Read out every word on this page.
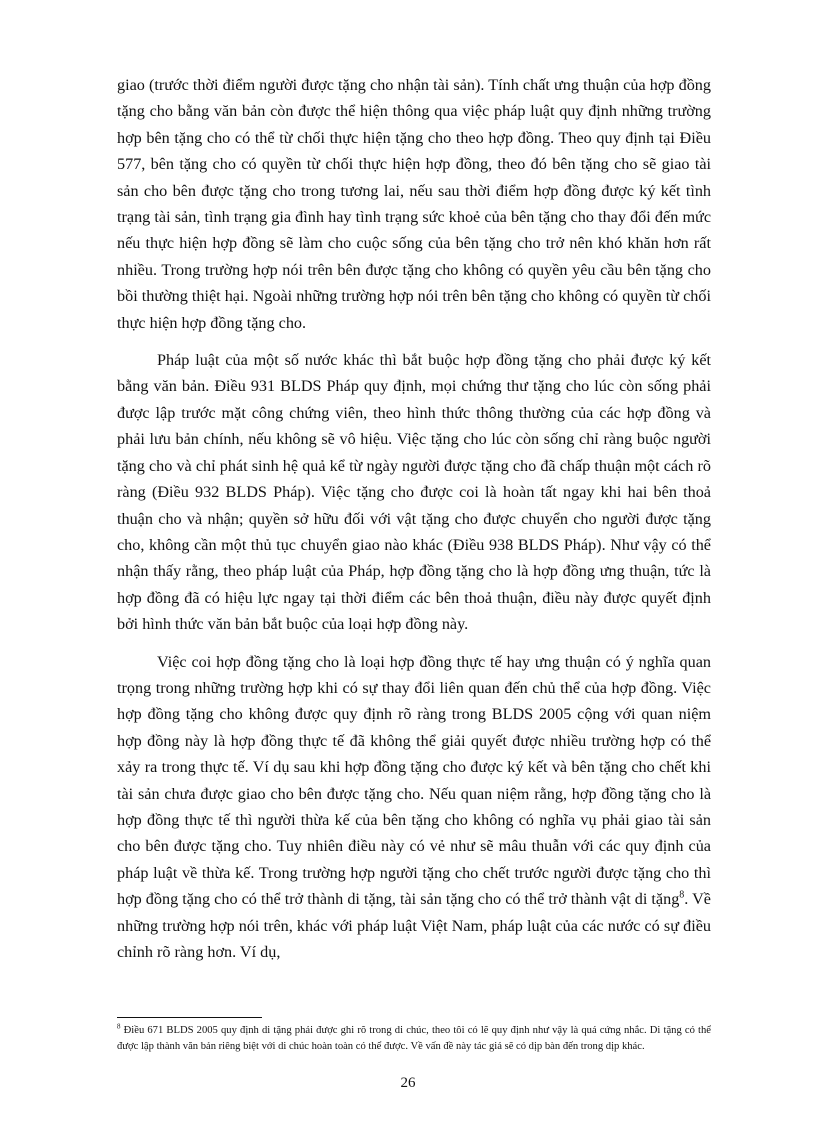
giao (trước thời điểm người được tặng cho nhận tài sản). Tính chất ưng thuận của hợp đồng tặng cho bằng văn bản còn được thể hiện thông qua việc pháp luật quy định những trường hợp bên tặng cho có thể từ chối thực hiện tặng cho theo hợp đồng. Theo quy định tại Điều 577, bên tặng cho có quyền từ chối thực hiện hợp đồng, theo đó bên tặng cho sẽ giao tài sản cho bên được tặng cho trong tương lai, nếu sau thời điểm hợp đồng được ký kết tình trạng tài sản, tình trạng gia đình hay tình trạng sức khoẻ của bên tặng cho thay đổi đến mức nếu thực hiện hợp đồng sẽ làm cho cuộc sống của bên tặng cho trở nên khó khăn hơn rất nhiều. Trong trường hợp nói trên bên được tặng cho không có quyền yêu cầu bên tặng cho bồi thường thiệt hại. Ngoài những trường hợp nói trên bên tặng cho không có quyền từ chối thực hiện hợp đồng tặng cho.

Pháp luật của một số nước khác thì bắt buộc hợp đồng tặng cho phải được ký kết bằng văn bản. Điều 931 BLDS Pháp quy định, mọi chứng thư tặng cho lúc còn sống phải được lập trước mặt công chứng viên, theo hình thức thông thường của các hợp đồng và phải lưu bản chính, nếu không sẽ vô hiệu. Việc tặng cho lúc còn sống chỉ ràng buộc người tặng cho và chỉ phát sinh hệ quả kể từ ngày người được tặng cho đã chấp thuận một cách rõ ràng (Điều 932 BLDS Pháp). Việc tặng cho được coi là hoàn tất ngay khi hai bên thoả thuận cho và nhận; quyền sở hữu đối với vật tặng cho được chuyển cho người được tặng cho, không cần một thủ tục chuyển giao nào khác (Điều 938 BLDS Pháp). Như vậy có thể nhận thấy rằng, theo pháp luật của Pháp, hợp đồng tặng cho là hợp đồng ưng thuận, tức là hợp đồng đã có hiệu lực ngay tại thời điểm các bên thoả thuận, điều này được quyết định bởi hình thức văn bản bắt buộc của loại hợp đồng này.

Việc coi hợp đồng tặng cho là loại hợp đồng thực tế hay ưng thuận có ý nghĩa quan trọng trong những trường hợp khi có sự thay đổi liên quan đến chủ thể của hợp đồng. Việc hợp đồng tặng cho không được quy định rõ ràng trong BLDS 2005 cộng với quan niệm hợp đồng này là hợp đồng thực tế đã không thể giải quyết được nhiều trường hợp có thể xảy ra trong thực tế. Ví dụ sau khi hợp đồng tặng cho được ký kết và bên tặng cho chết khi tài sản chưa được giao cho bên được tặng cho. Nếu quan niệm rằng, hợp đồng tặng cho là hợp đồng thực tế thì người thừa kế của bên tặng cho không có nghĩa vụ phải giao tài sản cho bên được tặng cho. Tuy nhiên điều này có vẻ như sẽ mâu thuẫn với các quy định của pháp luật về thừa kế. Trong trường hợp người tặng cho chết trước người được tặng cho thì hợp đồng tặng cho có thể trở thành di tặng, tài sản tặng cho có thể trở thành vật di tặng$^8$. Về những trường hợp nói trên, khác với pháp luật Việt Nam, pháp luật của các nước có sự điều chỉnh rõ ràng hơn. Ví dụ,

$^8$ Điều 671 BLDS 2005 quy định di tặng phải được ghi rõ trong di chúc, theo tôi có lẽ quy định như vậy là quá cứng nhắc. Di tặng có thể được lập thành văn bản riêng biệt với di chúc hoàn toàn có thể được. Về vấn đề này tác giả sẽ có dịp bàn đến trong dịp khác.
26
